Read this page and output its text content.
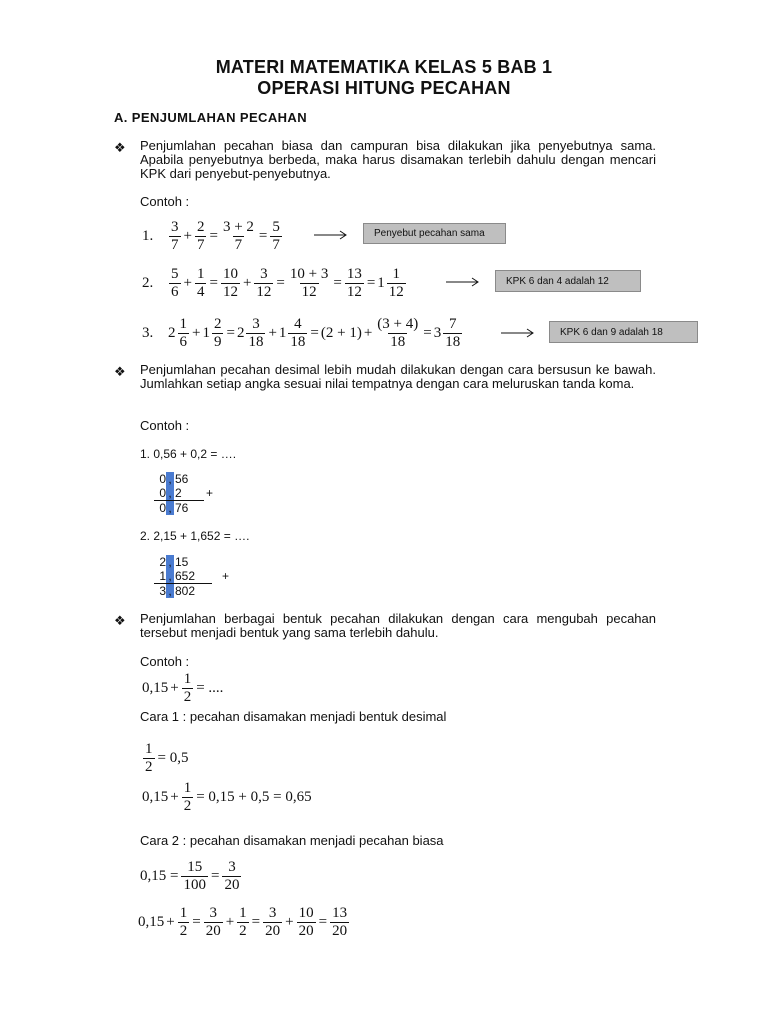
MATERI MATEMATIKA KELAS 5 BAB 1
OPERASI HITUNG PECAHAN
A. PENJUMLAHAN PECAHAN
❖ Penjumlahan pecahan biasa dan campuran bisa dilakukan jika penyebutnya sama. Apabila penyebutnya berbeda, maka harus disamakan terlebih dahulu dengan mencari KPK dari penyebut-penyebutnya.
Contoh :
1.	$\frac{3}{7} + \frac{2}{7} = \frac{3 + 2}{7} = \frac{5}{7}$	Penyebut pecahan sama
2.	$\frac{5}{6} + \frac{1}{4} = \frac{10}{12} + \frac{3}{12} = \frac{10 + 3}{12} = \frac{13}{12} = 1 \frac{1}{12}$	KPK 6 dan 4 adalah 12
3. $2 \frac{1}{6} + 1 \frac{2}{9} = 2 \frac{3}{18} + 1 \frac{4}{18} = (2 + 1) + \frac{(3 + 4)}{18} = 3 \frac{7}{18}$	KPK 6 dan 9 adalah 18
❖ Penjumlahan pecahan desimal lebih mudah dilakukan dengan cara bersusun ke bawah. Jumlahkan setiap angka sesuai nilai tempatnya dengan cara meluruskan tanda koma.
Contoh :
1. 0,56 + 0,2 = ….
0 , 56
0 , 2	+
0 , 76
2. 2,15 + 1,652 = ….
2 , 15
1 , 652	+
3 , 802
❖ Penjumlahan berbagai bentuk pecahan dilakukan dengan cara mengubah pecahan tersebut menjadi bentuk yang sama terlebih dahulu.
Contoh :
$0,15 + \frac{1}{2}$ = ....
Cara 1 : pecahan disamakan menjadi bentuk desimal
$\frac{1}{2} = 0,5$
$0,15 + \frac{1}{2} = 0,15 + 0,5 = 0,65$
Cara 2 : pecahan disamakan menjadi pecahan biasa
$0,15 = \frac{15}{100} = \frac{3}{20}$
$0,15 + \frac{1}{2} = \frac{3}{20} + \frac{1}{2} = \frac{3}{20} + \frac{10}{20} = \frac{13}{20}$
